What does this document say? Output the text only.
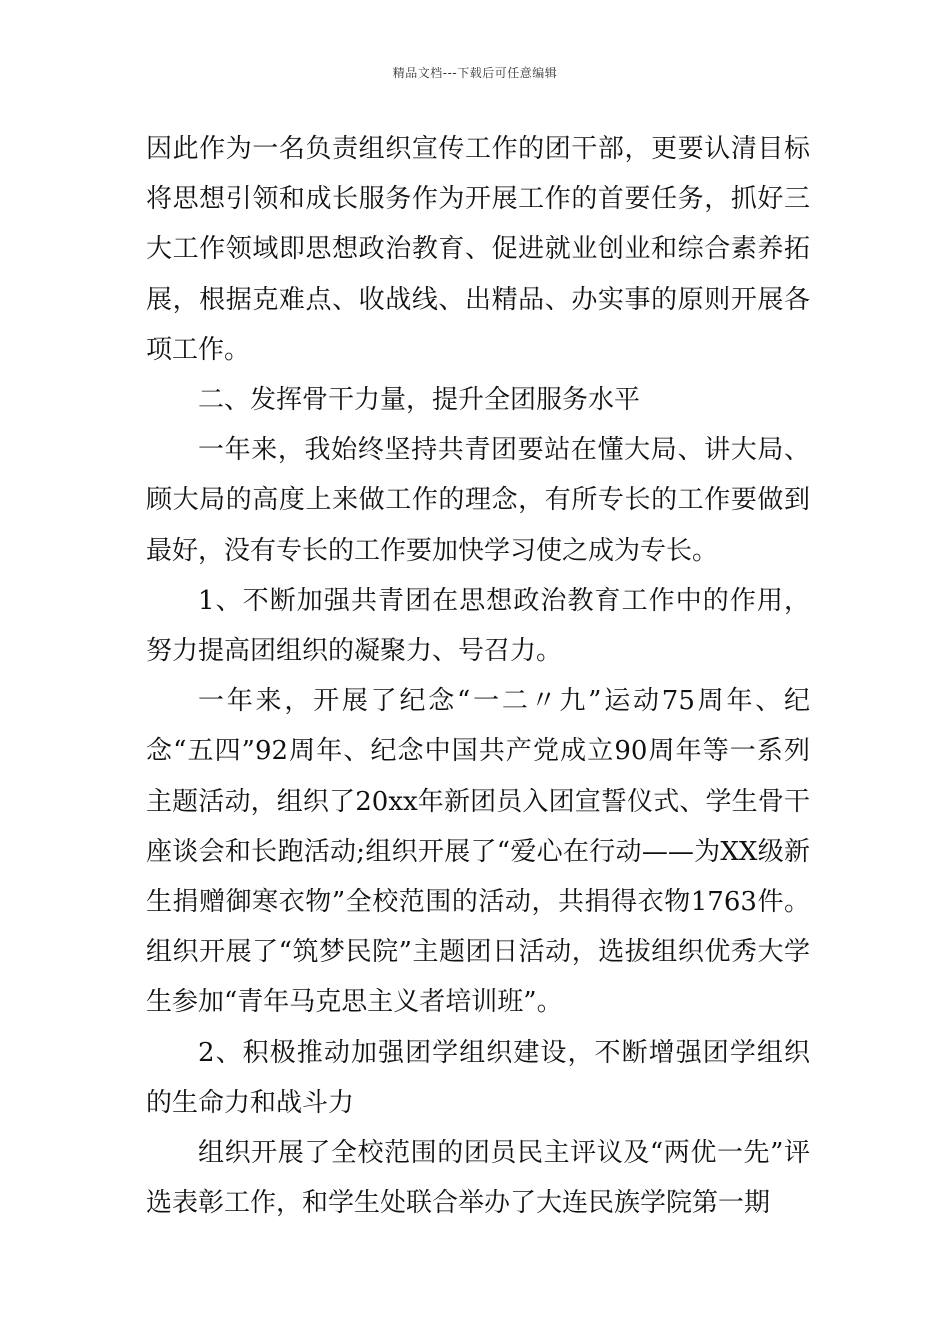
精品文档---下载后可任意编辑

因此作为一名负责组织宣传工作的团干部，更要认清目标将思想引领和成长服务作为开展工作的首要任务，抓好三大工作领域即思想政治教育、促进就业创业和综合素养拓展，根据克难点、收战线、出精品、办实事的原则开展各项工作。

二、发挥骨干力量，提升全团服务水平

一年来，我始终坚持共青团要站在懂大局、讲大局、顾大局的高度上来做工作的理念，有所专长的工作要做到最好，没有专长的工作要加快学习使之成为专长。

1、不断加强共青团在思想政治教育工作中的作用，努力提高团组织的凝聚力、号召力。

一年来，开展了纪念“一二〃九”运动75周年、纪念“五四”92周年、纪念中国共产党成立90周年等一系列主题活动，组织了20xx年新团员入团宣誓仪式、学生骨干座谈会和长跑活动;组织开展了“爱心在行动——为XX级新生捐赠御寒衣物”全校范围的活动，共捐得衣物1763件。组织开展了“筑梦民院”主题团日活动，选拔组织优秀大学生参加“青年马克思主义者培训班”。

2、积极推动加强团学组织建设，不断增强团学组织的生命力和战斗力

组织开展了全校范围的团员民主评议及“两优一先”评选表彰工作，和学生处联合举办了大连民族学院第一期
